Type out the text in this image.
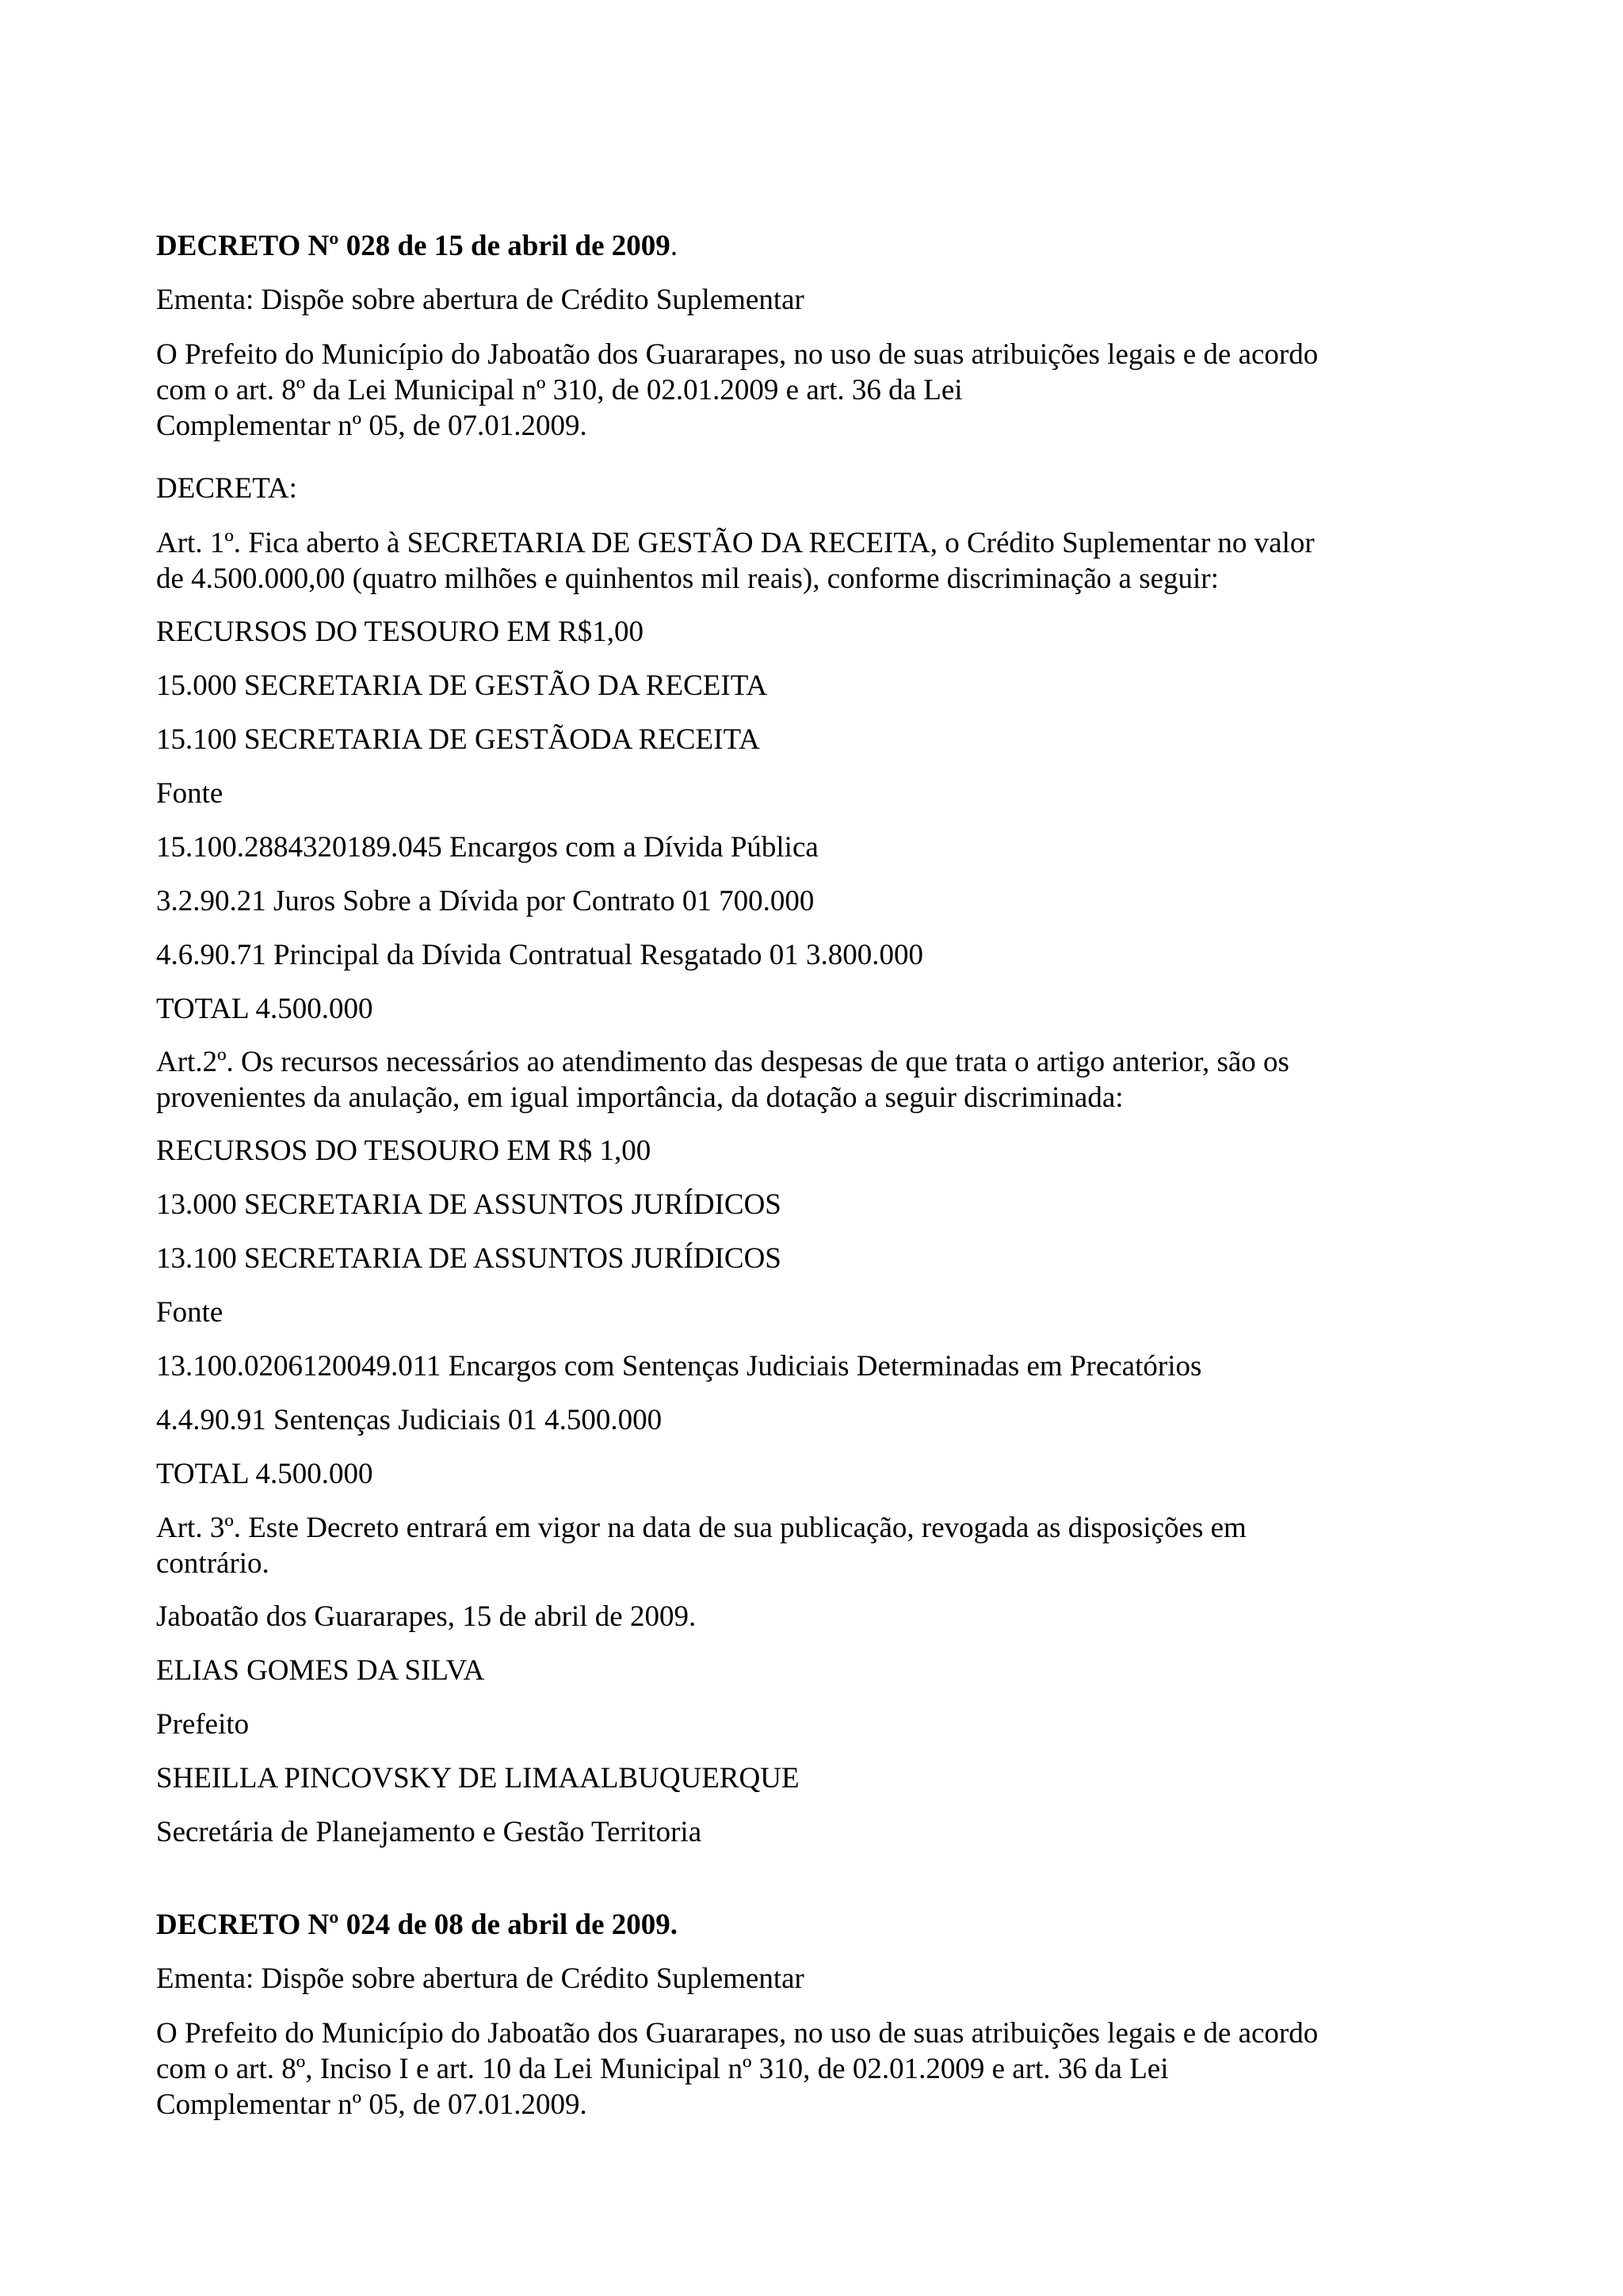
DECRETO Nº 028 de 15 de abril de 2009.

Ementa: Dispõe sobre abertura de Crédito Suplementar

O Prefeito do Município do Jaboatão dos Guararapes, no uso de suas atribuições legais e de acordo

com o art. 8º da Lei Municipal nº 310, de 02.01.2009 e art. 36 da Lei

Complementar nº 05, de 07.01.2009.

DECRETA:

Art. 1º. Fica aberto à SECRETARIA DE GESTÃO DA RECEITA, o Crédito Suplementar no valor

de 4.500.000,00 (quatro milhões e quinhentos mil reais), conforme discriminação a seguir:

RECURSOS DO TESOURO EM R$1,00

15.000 SECRETARIA DE GESTÃO DA RECEITA

15.100 SECRETARIA DE GESTÃODA RECEITA

Fonte

15.100.2884320189.045 Encargos com a Dívida Pública

3.2.90.21 Juros Sobre a Dívida por Contrato 01 700.000

4.6.90.71 Principal da Dívida Contratual Resgatado 01 3.800.000

TOTAL 4.500.000

Art.2º. Os recursos necessários ao atendimento das despesas de que trata o artigo anterior, são os

provenientes da anulação, em igual importância, da dotação a seguir discriminada:

RECURSOS DO TESOURO EM R$ 1,00

13.000 SECRETARIA DE ASSUNTOS JURÍDICOS

13.100 SECRETARIA DE ASSUNTOS JURÍDICOS

Fonte

13.100.0206120049.011 Encargos com Sentenças Judiciais Determinadas em Precatórios

4.4.90.91 Sentenças Judiciais 01 4.500.000

TOTAL 4.500.000

Art. 3º. Este Decreto entrará em vigor na data de sua publicação, revogada as disposições em

contrário.

Jaboatão dos Guararapes, 15 de abril de 2009.

ELIAS GOMES DA SILVA

Prefeito

SHEILLA PINCOVSKY DE LIMAALBUQUERQUE

Secretária de Planejamento e Gestão Territoria

DECRETO Nº 024 de 08 de abril de 2009.

Ementa: Dispõe sobre abertura de Crédito Suplementar

O Prefeito do Município do Jaboatão dos Guararapes, no uso de suas atribuições legais e de acordo

com o art. 8º, Inciso I e art. 10 da Lei Municipal nº 310, de 02.01.2009 e art. 36 da Lei

Complementar nº 05, de 07.01.2009.
